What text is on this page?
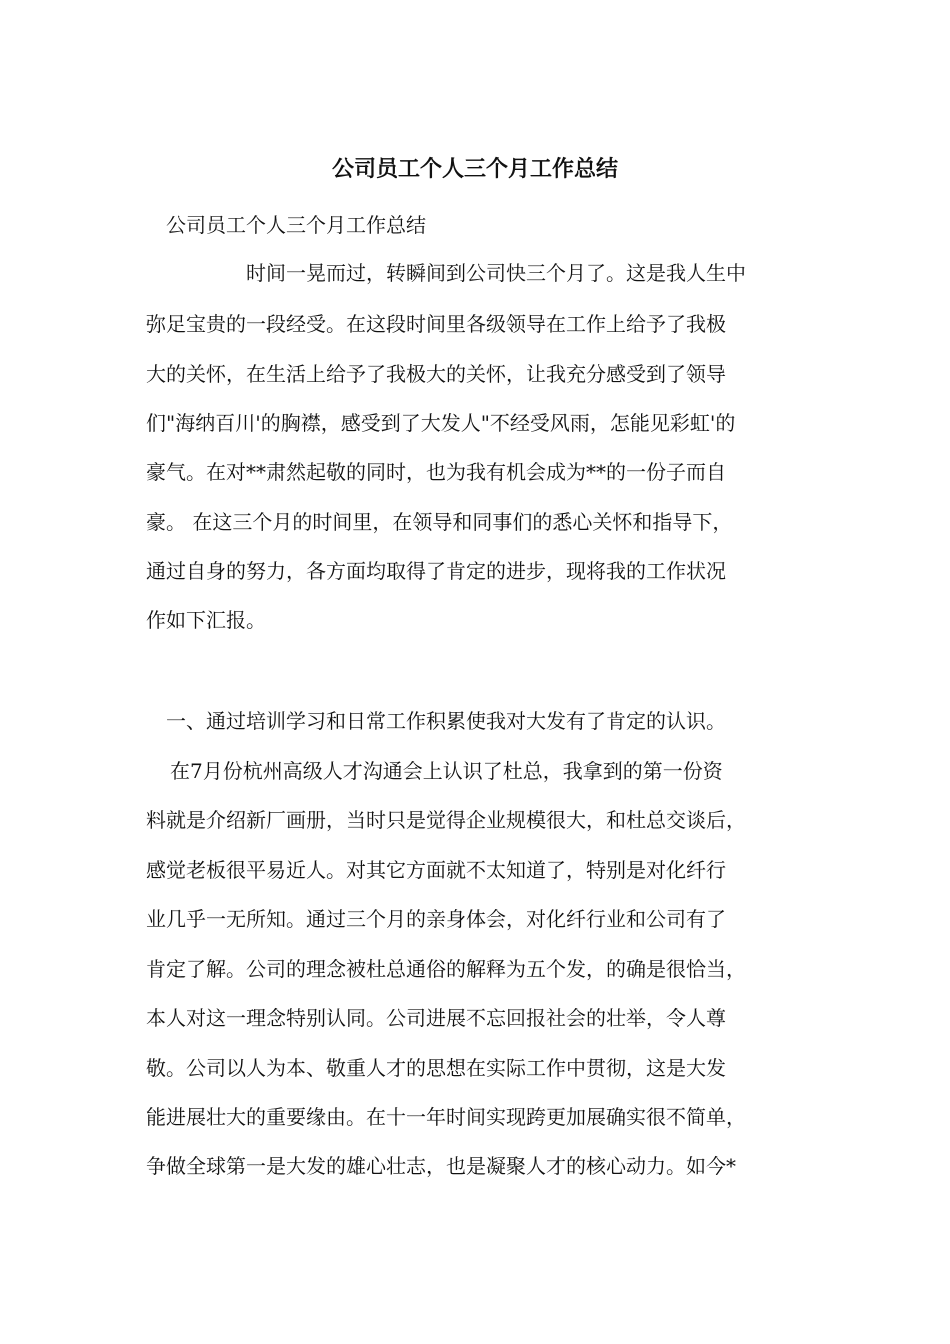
公司员工个人三个月工作总结

公司员工个人三个月工作总结

时间一晃而过，转瞬间到公司快三个月了。这是我人生中

弥足宝贵的一段经受。在这段时间里各级领导在工作上给予了我极

大的关怀，在生活上给予了我极大的关怀，让我充分感受到了领导

们"海纳百川'的胸襟，感受到了大发人"不经受风雨，怎能见彩虹'的

豪气。在对**肃然起敬的同时，也为我有机会成为**的一份子而自

豪。 在这三个月的时间里，在领导和同事们的悉心关怀和指导下，

通过自身的努力，各方面均取得了肯定的进步，现将我的工作状况

作如下汇报。

一、通过培训学习和日常工作积累使我对大发有了肯定的认识。

在7月份杭州高级人才沟通会上认识了杜总，我拿到的第一份资

料就是介绍新厂画册，当时只是觉得企业规模很大，和杜总交谈后，

感觉老板很平易近人。对其它方面就不太知道了，特别是对化纤行

业几乎一无所知。通过三个月的亲身体会，对化纤行业和公司有了

肯定了解。公司的理念被杜总通俗的解释为五个发，的确是很恰当，

本人对这一理念特别认同。公司进展不忘回报社会的壮举，令人尊

敬。公司以人为本、敬重人才的思想在实际工作中贯彻，这是大发

能进展壮大的重要缘由。在十一年时间实现跨更加展确实很不简单，

争做全球第一是大发的雄心壮志，也是凝聚人才的核心动力。如今*
